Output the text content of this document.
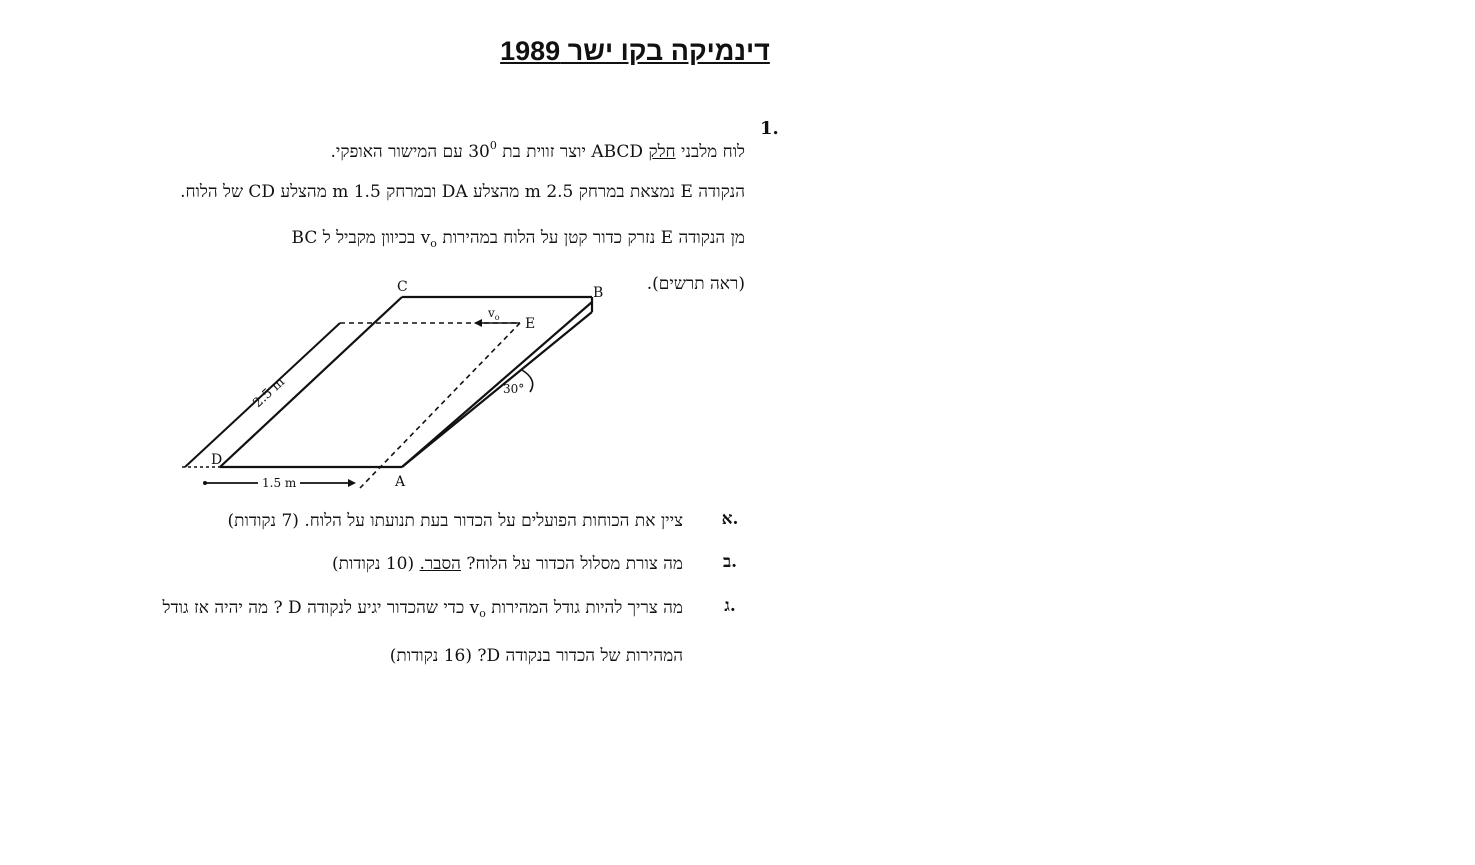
דינמיקה בקו ישר 1989
1.
לוח מלבני חלק ABCD יוצר זווית בת $30^0$ עם המישור האופקי.
הנקודה E נמצאת במרחק 2.5 m מהצלע DA ובמרחק 1.5 m מהצלע CD של הלוח.
מן הנקודה E נזרק כדור קטן על הלוח במהירות $v_o$ בכיוון מקביל ל BC
(ראה תרשים).
C	B
E
D
A
$v_o$
30°
2.5 m
1.5 m
א.
ציין את הכוחות הפועלים על הכדור בעת תנועתו על הלוח. (7 נקודות)
ב.
מה צורת מסלול הכדור על הלוח? הסבר. (10 נקודות)
ג.
מה צריך להיות גודל המהירות $v_o$ כדי שהכדור יגיע לנקודה D ? מה יהיה אז גודל
המהירות של הכדור בנקודה D? (16 נקודות)
